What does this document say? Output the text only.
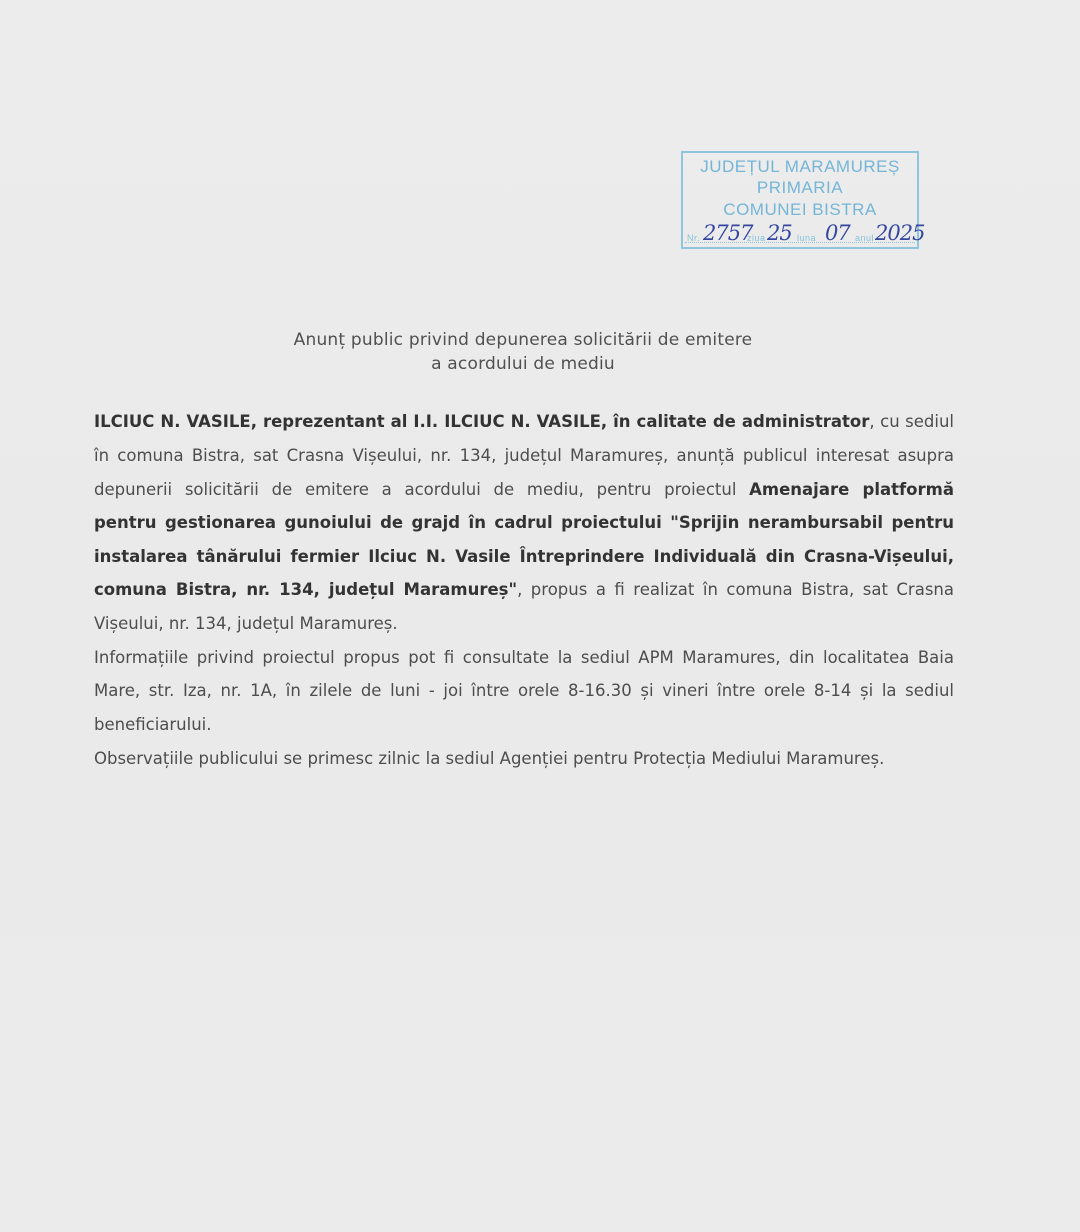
JUDEȚUL MARAMUREȘ
PRIMARIA
COMUNEI BISTRA
Nr. 2757
ziua 25 luna 07 anul 2025
Anunț public privind depunerea solicitării de emitere
a acordului de mediu
ILCIUC N. VASILE, reprezentant al I.I. ILCIUC N. VASILE, în calitate de administrator, cu sediul
în comuna Bistra, sat Crasna Vișeului, nr. 134, județul Maramureș, anunță publicul interesat asupra
depunerii solicitării de emitere a acordului de mediu, pentru proiectul Amenajare platformă
pentru gestionarea gunoiului de grajd în cadrul proiectului "Sprijin nerambursabil pentru
instalarea tânărului fermier Ilciuc N. Vasile Întreprindere Individuală din Crasna-Vișeului,
comuna Bistra, nr. 134, județul Maramureș", propus a fi realizat în comuna Bistra, sat Crasna
Vișeului, nr. 134, județul Maramureș.
Informațiile privind proiectul propus pot fi consultate la sediul APM Maramures, din localitatea Baia
Mare, str. Iza, nr. 1A, în zilele de luni - joi între orele 8-16.30 și vineri între orele 8-14 și la sediul
beneficiarului.
Observațiile publicului se primesc zilnic la sediul Agenției pentru Protecția Mediului Maramureș.
